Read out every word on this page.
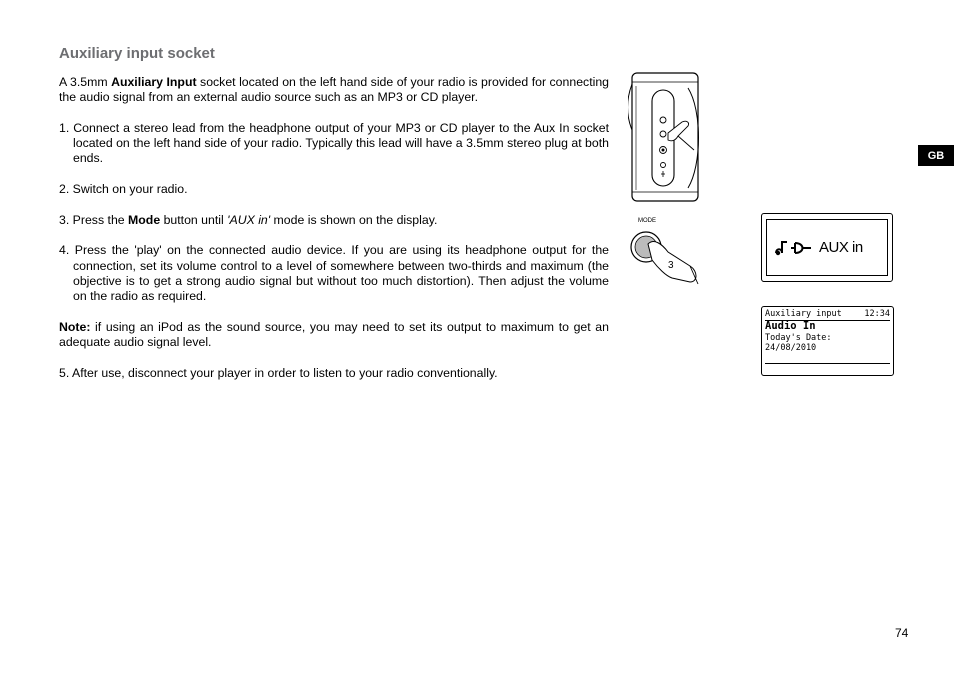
Auxiliary input socket

A 3.5mm Auxiliary Input socket located on the left hand side of your radio is provided for connecting the audio signal from an external audio source such as an MP3 or CD player.

1. Connect a stereo lead from the headphone output of your MP3 or CD player to the Aux In socket located on the left hand side of your radio. Typically this lead will have a 3.5mm stereo plug at both ends.

2. Switch on your radio.

3. Press the Mode button until 'AUX in' mode is shown on the display.

4. Press the 'play' on the connected audio device. If you are using its headphone output for the connection, set its volume control to a level of somewhere between two-thirds and maximum (the objective is to get a strong audio signal but without too much distortion). Then adjust the volume on the radio as required.

Note: if using an iPod as the sound source, you may need to set its output to maximum to get an adequate audio signal level.

5. After use, disconnect your player in order to listen to your radio conventionally.

MODE
3
AUX in
Auxiliary input	12:34
Audio In
Today's Date:
24/08/2010
GB
74
